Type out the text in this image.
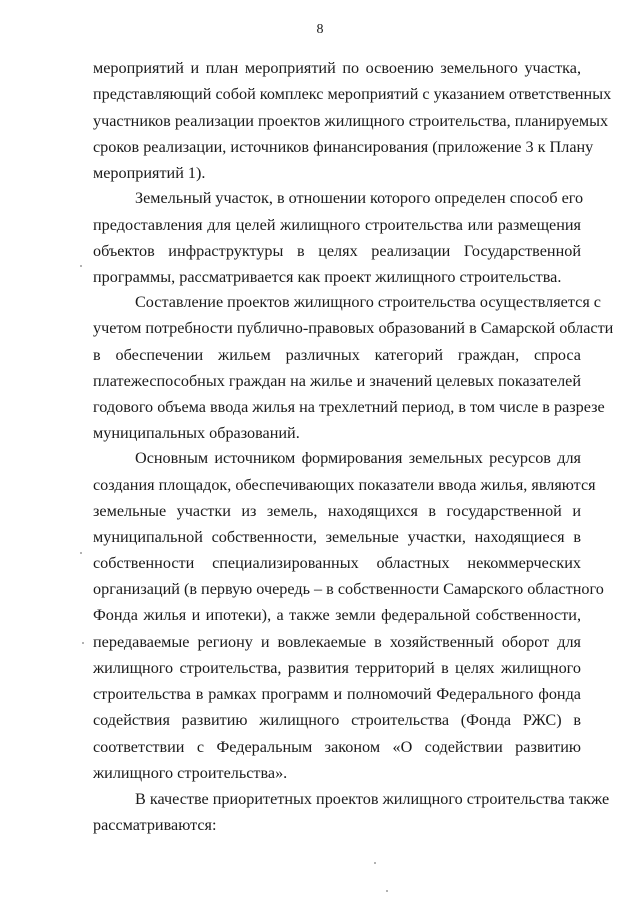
8
мероприятий и план мероприятий по освоению земельного участка,
представляющий собой комплекс мероприятий с указанием ответственных
участников реализации проектов жилищного строительства, планируемых
сроков реализации, источников финансирования (приложение 3 к Плану
мероприятий 1).
Земельный участок, в отношении которого определен способ его
предоставления для целей жилищного строительства или размещения
объектов инфраструктуры в целях реализации Государственной
программы, рассматривается как проект жилищного строительства.
Составление проектов жилищного строительства осуществляется с
учетом потребности публично-правовых образований в Самарской области
в обеспечении жильем различных категорий граждан, спроса
платежеспособных граждан на жилье и значений целевых показателей
годового объема ввода жилья на трехлетний период, в том числе в разрезе
муниципальных образований.
Основным источником формирования земельных ресурсов для
создания площадок, обеспечивающих показатели ввода жилья, являются
земельные участки из земель, находящихся в государственной и
муниципальной собственности, земельные участки, находящиеся в
собственности специализированных областных некоммерческих
организаций (в первую очередь – в собственности Самарского областного
Фонда жилья и ипотеки), а также земли федеральной собственности,
передаваемые региону и вовлекаемые в хозяйственный оборот для
жилищного строительства, развития территорий в целях жилищного
строительства в рамках программ и полномочий Федерального фонда
содействия развитию жилищного строительства (Фонда РЖС) в
соответствии с Федеральным законом «О содействии развитию
жилищного строительства».
В качестве приоритетных проектов жилищного строительства также
рассматриваются:
